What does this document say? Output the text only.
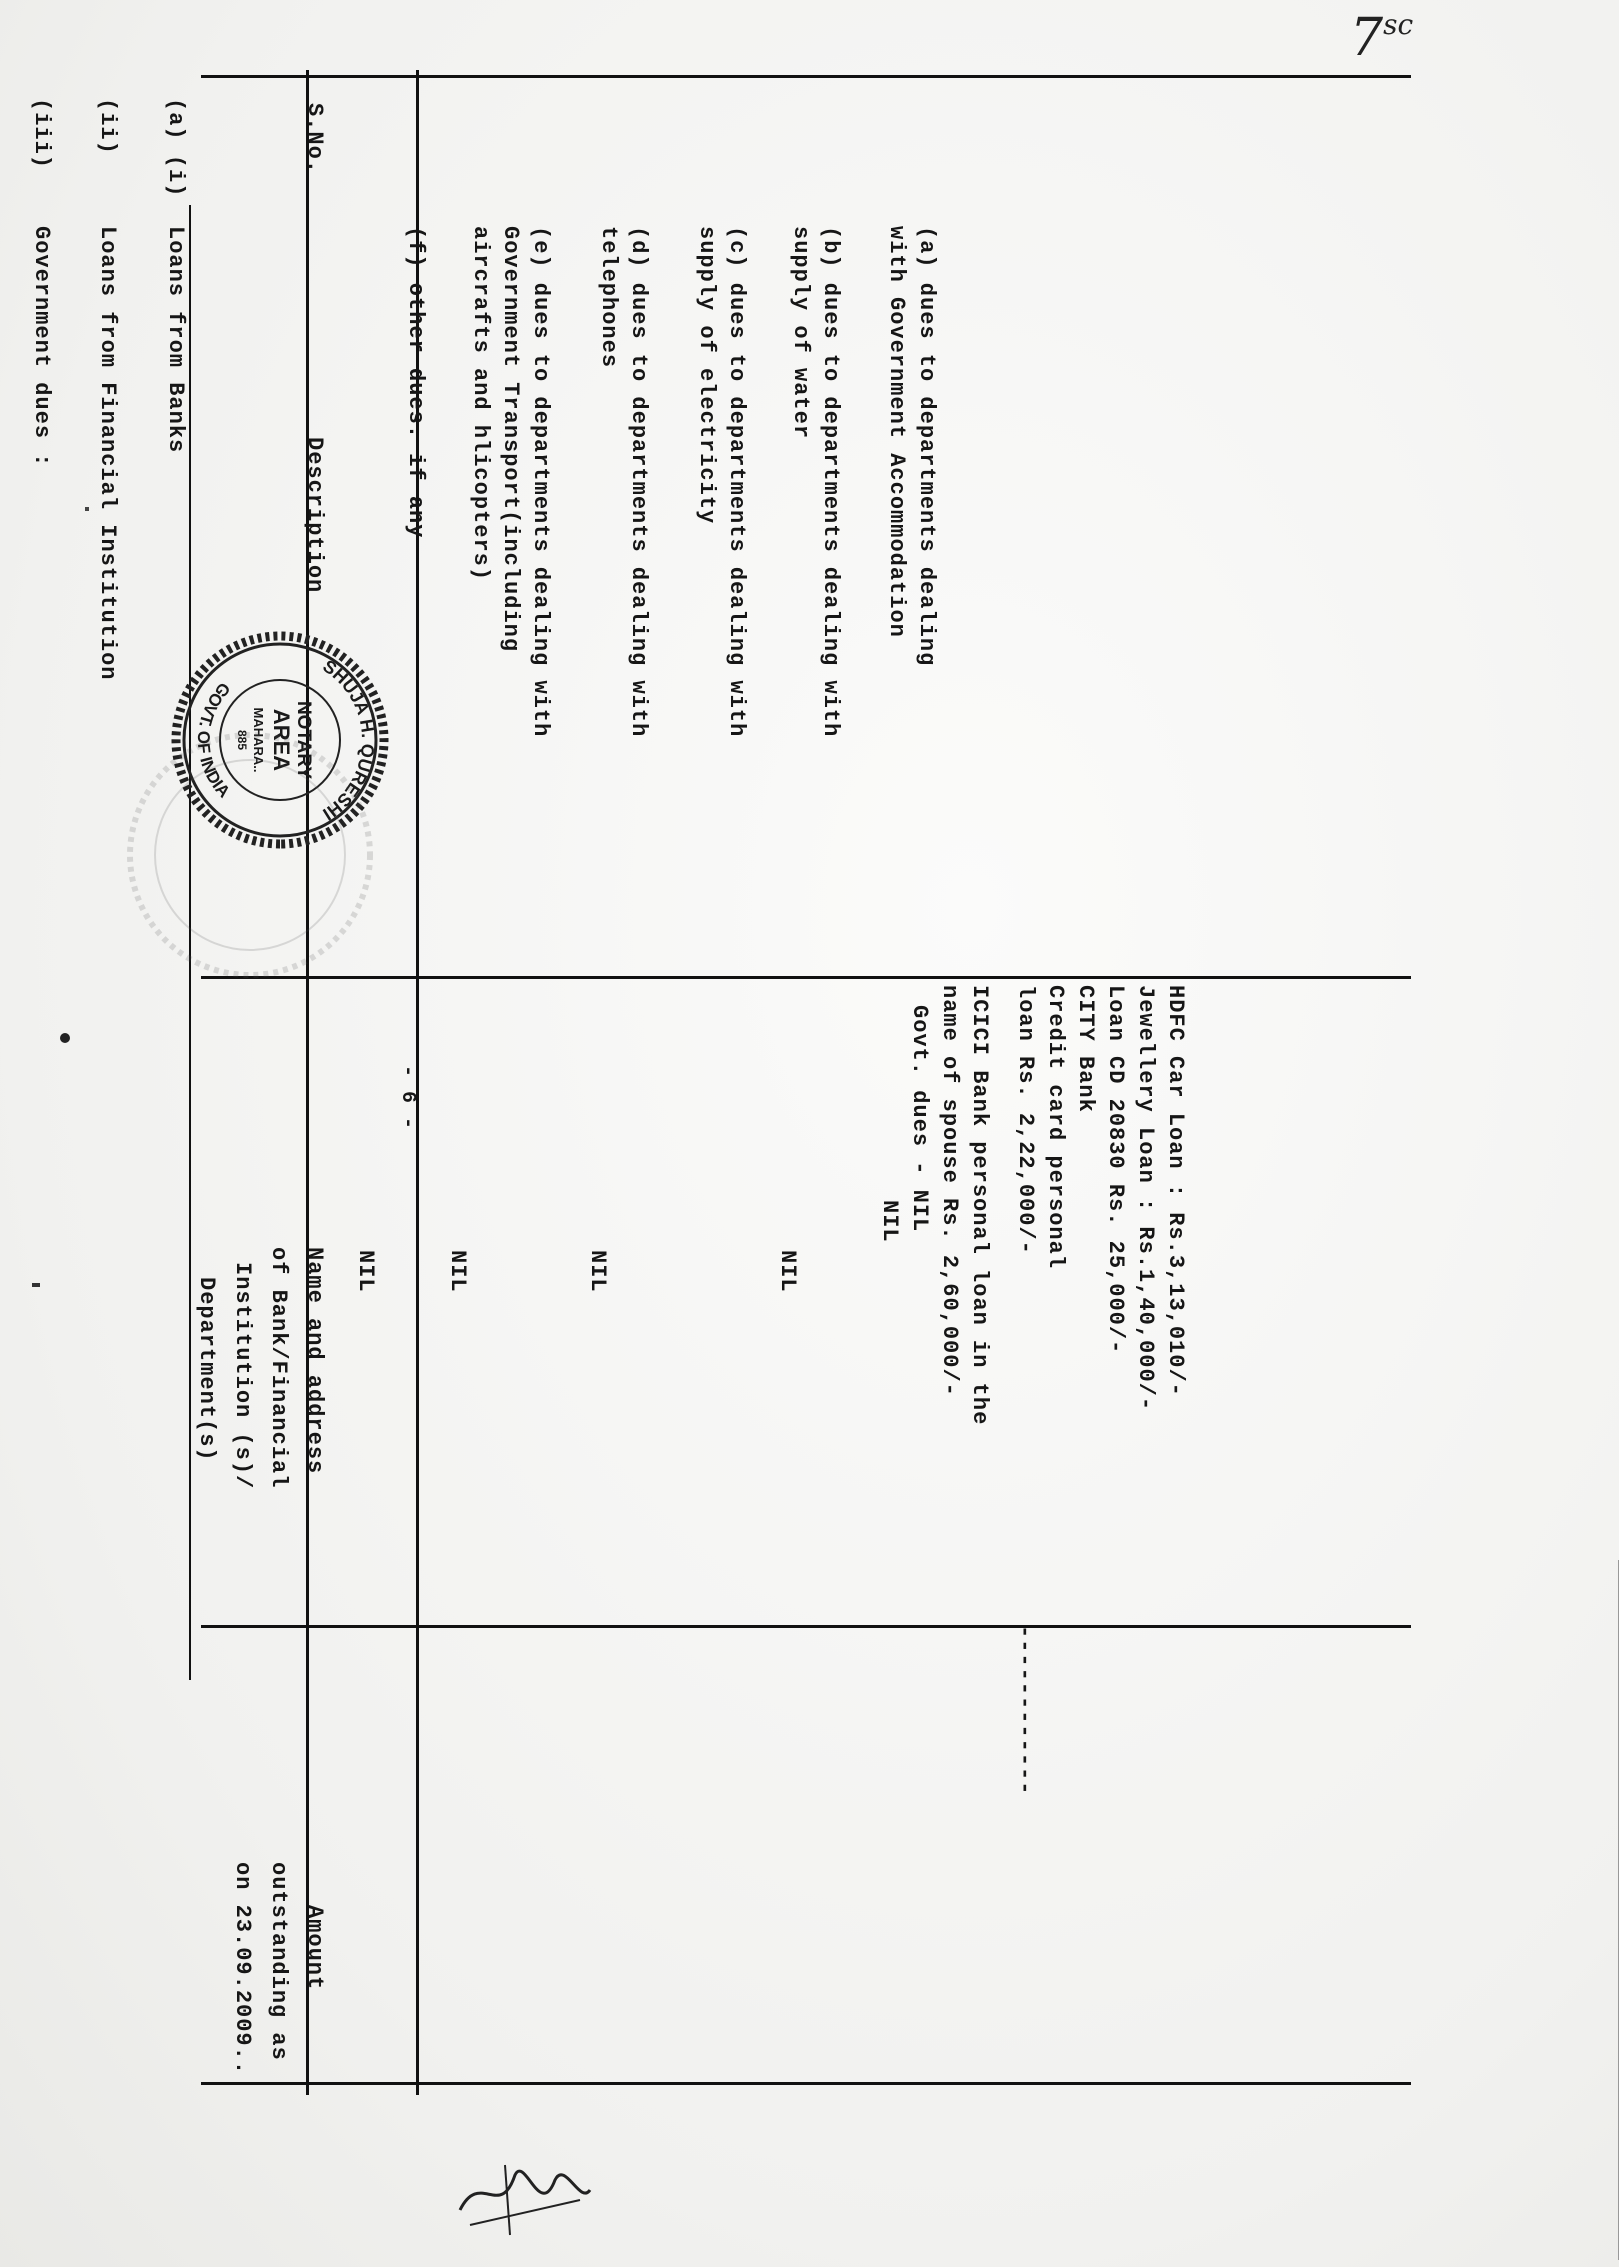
$7^{sc}$
S.No.
Description
Name and address
of Bank/Financial
Institution (s)/
Department(s)
Amount
outstanding as
on 23.09.2009..
- 6 -
(a) (i)
(ii)
(iii)
Loans from Banks
Loans from Financial Institution
Government dues :	(a) dues to departments dealing
with Government Accommodation
(b) dues to departments dealing with
supply of water
(c) dues to departments dealing with
supply of electricity
(d) dues to departments dealing with
telephones
(e) dues to departments dealing with
Government Transport(including
aircrafts and hlicopters)
(f) other dues. if any
HDFC Car Loan : Rs.3,13,010/-
Jewellery Loan : Rs.1,40,000/-
Loan CD 20830 Rs. 25,000/-
CITY Bank
Credit card personal
loan Rs. 2,22,000/-
ICICI Bank personal loan in the
name of spouse Rs. 2,60,000/-
Govt. dues - NIL
NIL
NIL
NIL
NIL
NIL
------------
SHUJA H. QURESHI
GOVT. OF INDIA
NOTARY
AREA
MAHARA..
885
